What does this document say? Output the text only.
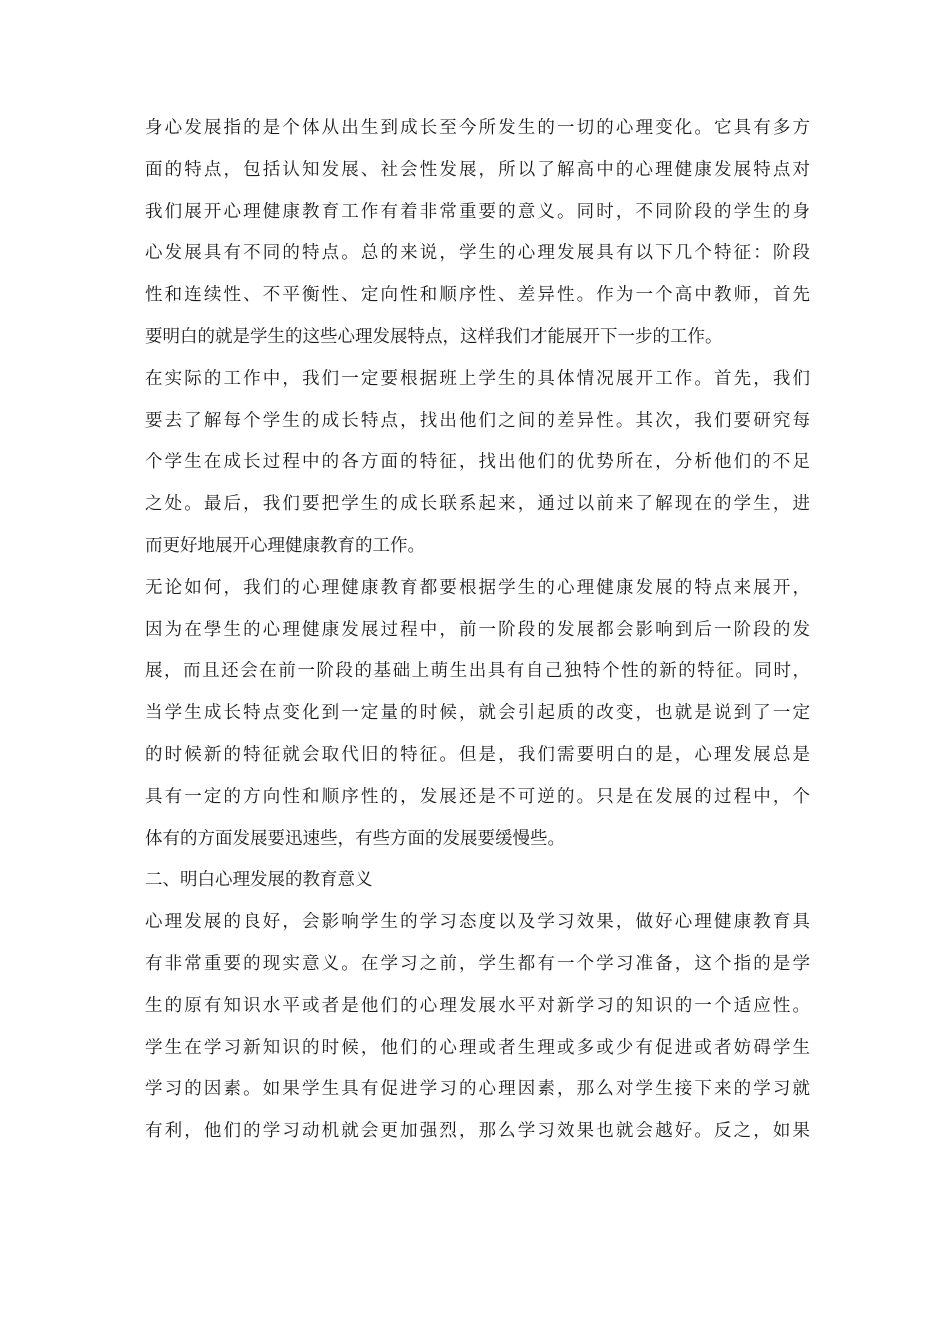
身心发展指的是个体从出生到成长至今所发生的一切的心理变化。它具有多方
面的特点，包括认知发展、社会性发展，所以了解高中的心理健康发展特点对
我们展开心理健康教育工作有着非常重要的意义。同时，不同阶段的学生的身
心发展具有不同的特点。总的来说，学生的心理发展具有以下几个特征：阶段
性和连续性、不平衡性、定向性和顺序性、差异性。作为一个高中教师，首先
要明白的就是学生的这些心理发展特点，这样我们才能展开下一步的工作。
在实际的工作中，我们一定要根据班上学生的具体情况展开工作。首先，我们
要去了解每个学生的成长特点，找出他们之间的差异性。其次，我们要研究每
个学生在成长过程中的各方面的特征，找出他们的优势所在，分析他们的不足
之处。最后，我们要把学生的成长联系起来，通过以前来了解现在的学生，进
而更好地展开心理健康教育的工作。
无论如何，我们的心理健康教育都要根据学生的心理健康发展的特点来展开，
因为在學生的心理健康发展过程中，前一阶段的发展都会影响到后一阶段的发
展，而且还会在前一阶段的基础上萌生出具有自己独特个性的新的特征。同时，
当学生成长特点变化到一定量的时候，就会引起质的改变，也就是说到了一定
的时候新的特征就会取代旧的特征。但是，我们需要明白的是，心理发展总是
具有一定的方向性和顺序性的，发展还是不可逆的。只是在发展的过程中，个
体有的方面发展要迅速些，有些方面的发展要缓慢些。
二、明白心理发展的教育意义
心理发展的良好，会影响学生的学习态度以及学习效果，做好心理健康教育具
有非常重要的现实意义。在学习之前，学生都有一个学习准备，这个指的是学
生的原有知识水平或者是他们的心理发展水平对新学习的知识的一个适应性。
学生在学习新知识的时候，他们的心理或者生理或多或少有促进或者妨碍学生
学习的因素。如果学生具有促进学习的心理因素，那么对学生接下来的学习就
有利，他们的学习动机就会更加强烈，那么学习效果也就会越好。反之，如果
